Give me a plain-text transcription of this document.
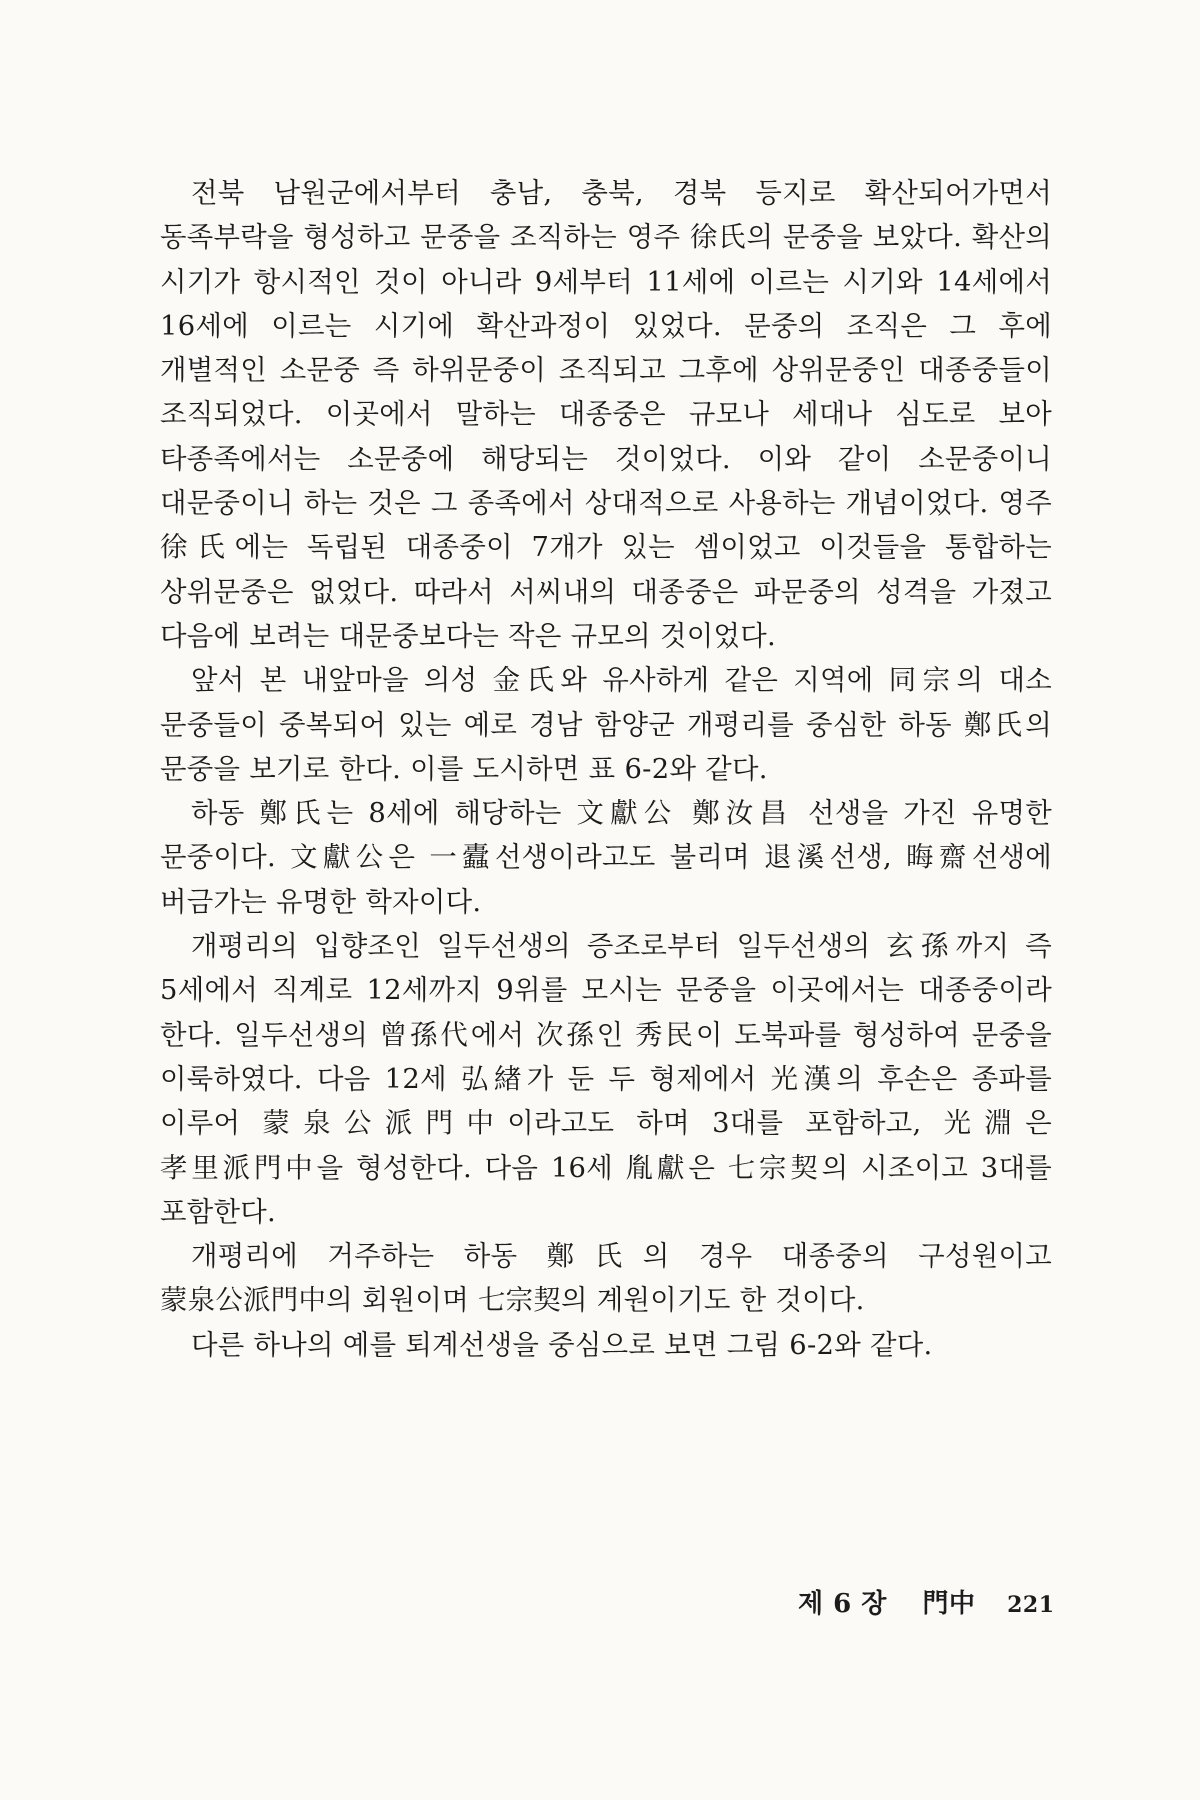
전북 남원군에서부터 충남, 충북, 경북 등지로 확산되어가면서 동족부락을 형성하고 문중을 조직하는 영주 徐氏의 문중을 보았다. 확산의 시기가 항시적인 것이 아니라 9세부터 11세에 이르는 시기와 14세에서 16세에 이르는 시기에 확산과정이 있었다. 문중의 조직은 그 후에 개별적인 소문중 즉 하위문중이 조직되고 그후에 상위문중인 대종중들이 조직되었다. 이곳에서 말하는 대종중은 규모나 세대나 심도로 보아 타종족에서는 소문중에 해당되는 것이었다. 이와 같이 소문중이니 대문중이니 하는 것은 그 종족에서 상대적으로 사용하는 개념이었다. 영주 徐氏에는 독립된 대종중이 7개가 있는 셈이었고 이것들을 통합하는 상위문중은 없었다. 따라서 서씨내의 대종중은 파문중의 성격을 가졌고 다음에 보려는 대문중보다는 작은 규모의 것이었다.

앞서 본 내앞마을 의성 金氏와 유사하게 같은 지역에 同宗의 대소 문중들이 중복되어 있는 예로 경남 함양군 개평리를 중심한 하동 鄭氏의 문중을 보기로 한다. 이를 도시하면 표 6-2와 같다.

하동 鄭氏는 8세에 해당하는 文獻公 鄭汝昌 선생을 가진 유명한 문중이다. 文獻公은 一蠹선생이라고도 불리며 退溪선생, 晦齋선생에 버금가는 유명한 학자이다.

개평리의 입향조인 일두선생의 증조로부터 일두선생의 玄孫까지 즉 5세에서 직계로 12세까지 9위를 모시는 문중을 이곳에서는 대종중이라 한다. 일두선생의 曾孫代에서 次孫인 秀民이 도북파를 형성하여 문중을 이룩하였다. 다음 12세 弘緖가 둔 두 형제에서 光漢의 후손은 종파를 이루어 蒙泉公派門中이라고도 하며 3대를 포함하고, 光淵은 孝里派門中을 형성한다. 다음 16세 胤獻은 七宗契의 시조이고 3대를 포함한다.

개평리에 거주하는 하동 鄭氏의 경우 대종중의 구성원이고 蒙泉公派門中의 회원이며 七宗契의 계원이기도 한 것이다.

다른 하나의 예를 퇴계선생을 중심으로 보면 그림 6-2와 같다.

제 6 장 門中 221
